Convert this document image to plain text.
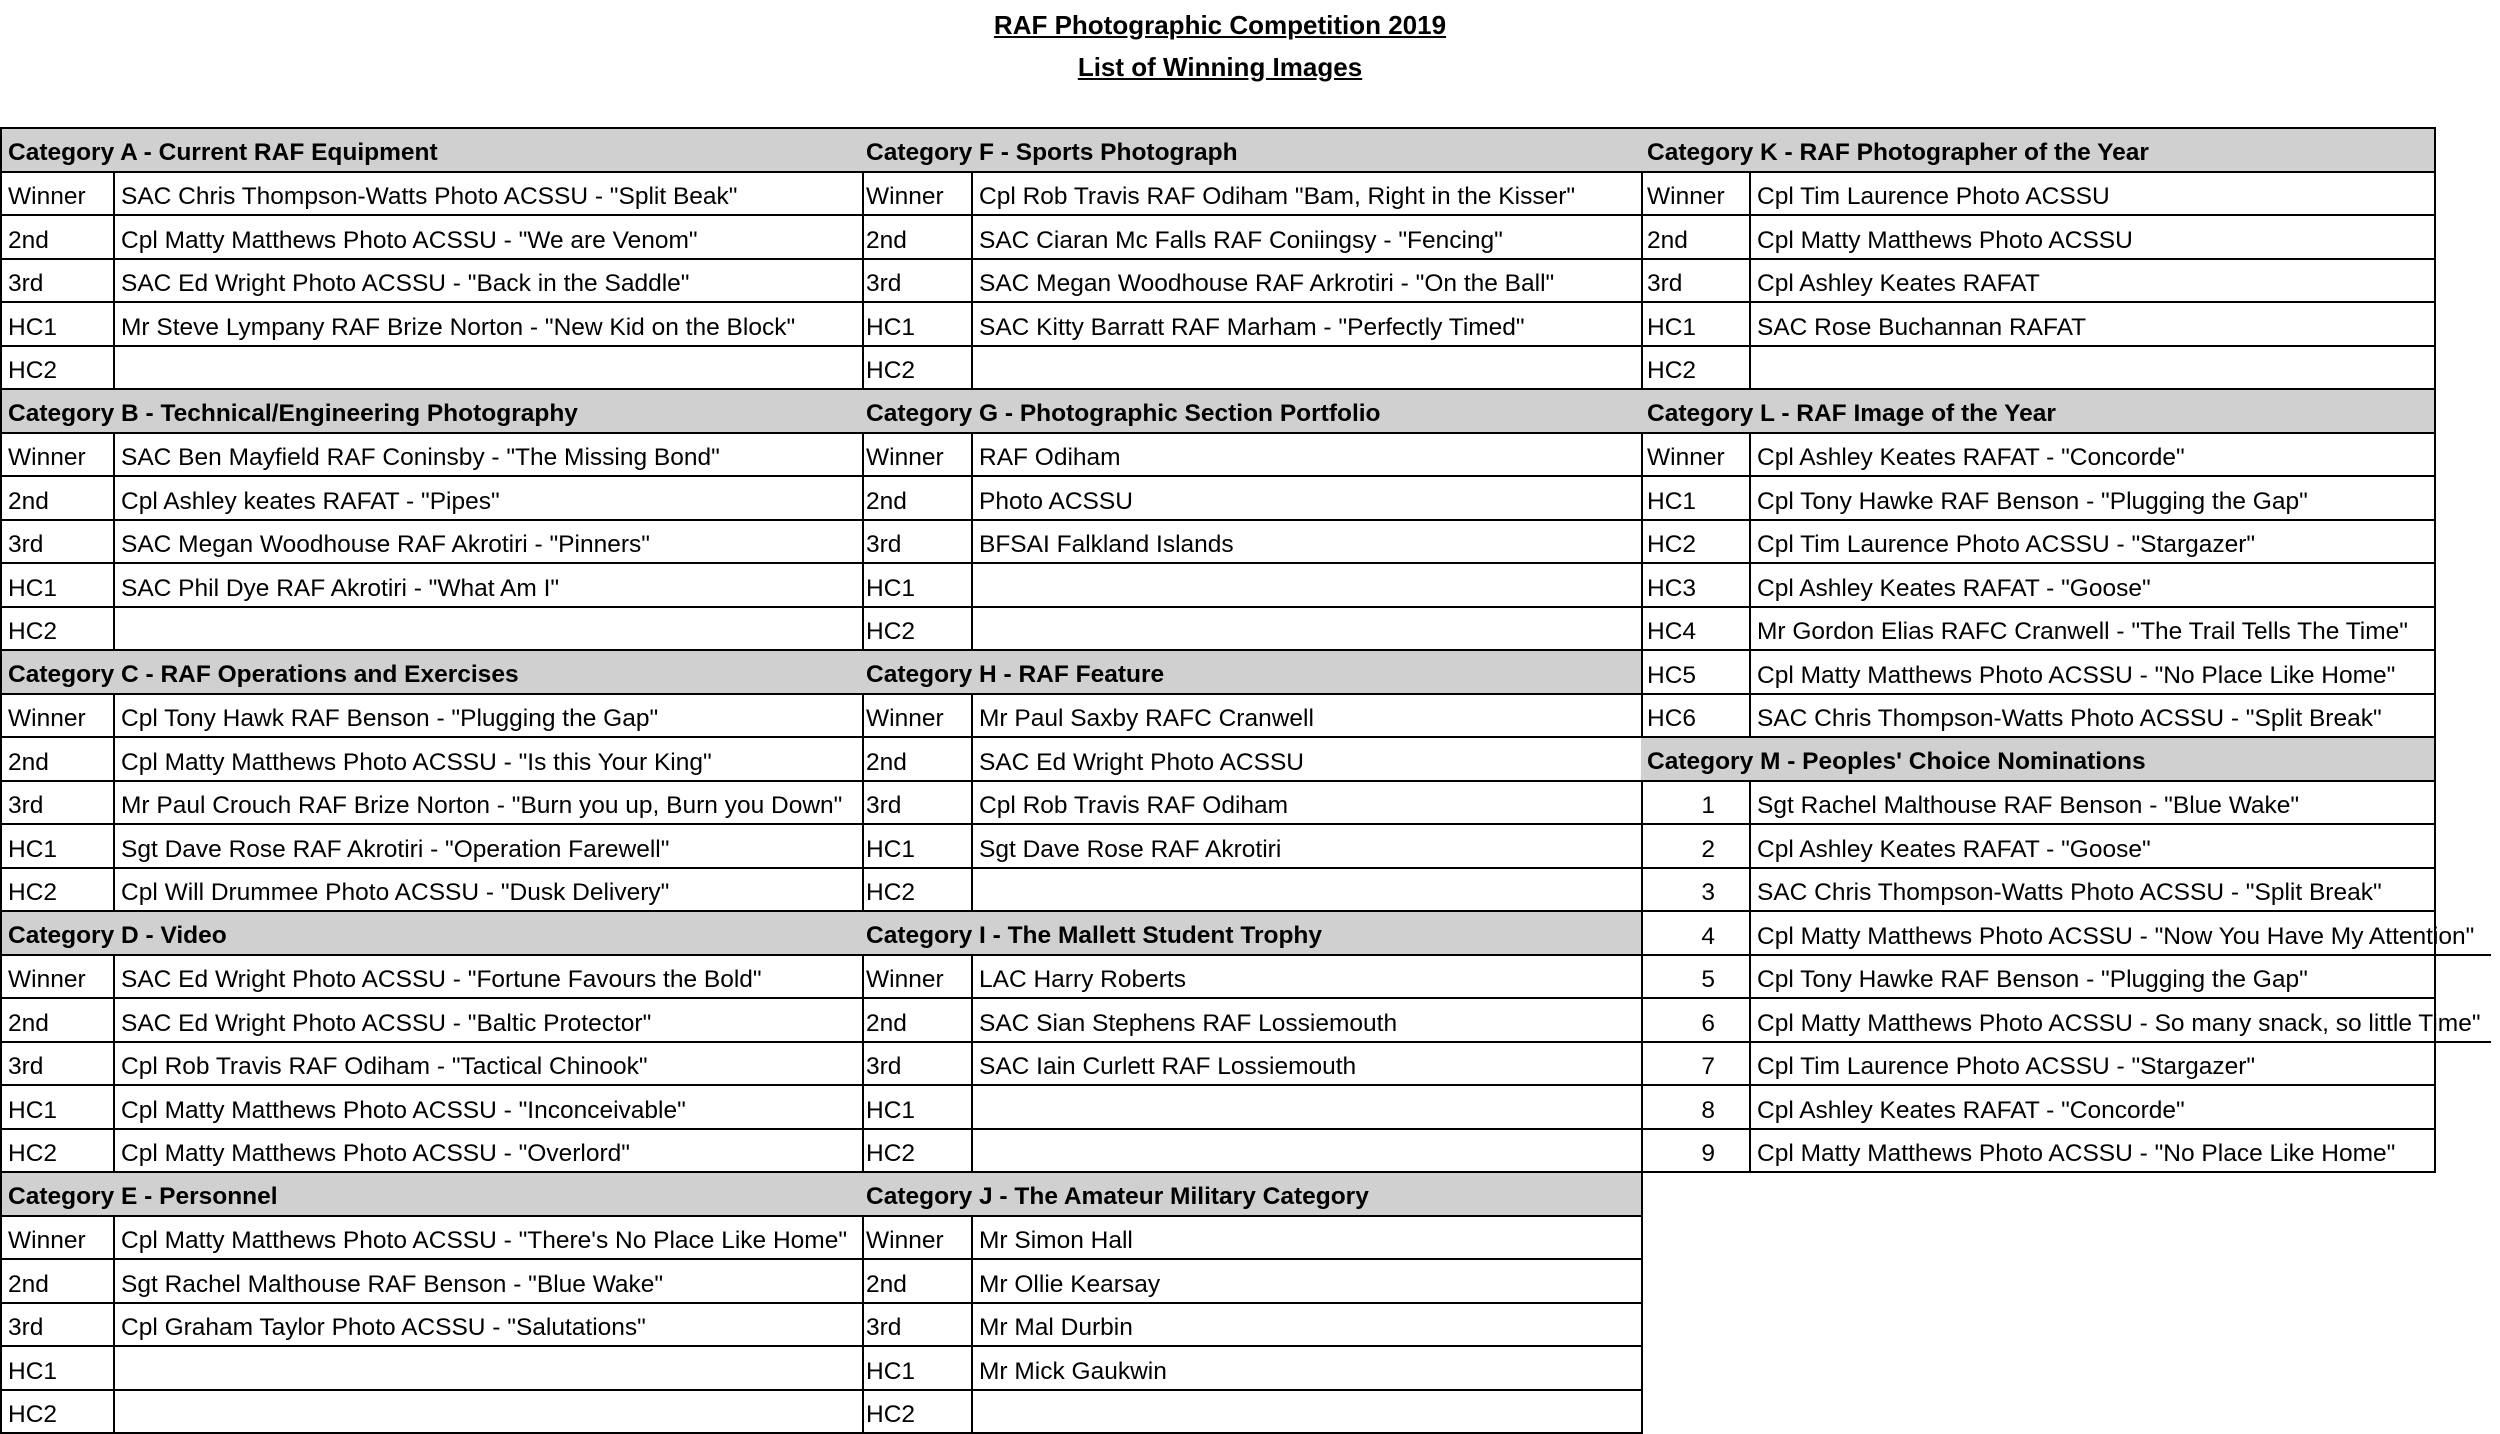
RAF Photographic Competition 2019
List of Winning Images
Category A - Current RAF Equipment
Winner	SAC Chris Thompson-Watts Photo ACSSU - "Split Beak"
2nd	Cpl Matty Matthews Photo ACSSU - "We are Venom"
3rd	SAC Ed Wright Photo ACSSU - "Back in the Saddle"
HC1	Mr Steve Lympany RAF Brize Norton - "New Kid on the Block"
HC2
Category B - Technical/Engineering Photography
Winner	SAC Ben Mayfield RAF Coninsby - "The Missing Bond"
2nd	Cpl Ashley keates RAFAT - "Pipes"
3rd	SAC Megan Woodhouse RAF Akrotiri - "Pinners"
HC1	SAC Phil Dye RAF Akrotiri - "What Am I"
HC2
Category C - RAF Operations and Exercises
Winner	Cpl Tony Hawk RAF Benson - "Plugging the Gap"
2nd	Cpl Matty Matthews Photo ACSSU - "Is this Your King"
3rd	Mr Paul Crouch RAF Brize Norton - "Burn you up, Burn you Down"
HC1	Sgt Dave Rose RAF Akrotiri - "Operation Farewell"
HC2	Cpl Will Drummee Photo ACSSU - "Dusk Delivery"
Category D - Video
Winner	SAC Ed Wright Photo ACSSU - "Fortune Favours the Bold"
2nd	SAC Ed Wright Photo ACSSU - "Baltic Protector"
3rd	Cpl Rob Travis RAF Odiham - "Tactical Chinook"
HC1	Cpl Matty Matthews Photo ACSSU - "Inconceivable"
HC2	Cpl Matty Matthews Photo ACSSU - "Overlord"
Category E - Personnel
Winner	Cpl Matty Matthews Photo ACSSU - "There's No Place Like Home"
2nd	Sgt Rachel Malthouse RAF Benson - "Blue Wake"
3rd	Cpl Graham Taylor Photo ACSSU - "Salutations"
HC1
HC2
Category F - Sports Photograph
Winner	Cpl Rob Travis RAF Odiham "Bam, Right in the Kisser"
2nd	SAC Ciaran Mc Falls RAF Coniingsy - "Fencing"
3rd	SAC Megan Woodhouse RAF Arkrotiri - "On the Ball"
HC1	SAC Kitty Barratt RAF Marham - "Perfectly Timed"
HC2
Category G - Photographic Section Portfolio
Winner	RAF Odiham
2nd	Photo ACSSU
3rd	BFSAI Falkland Islands
HC1
HC2
Category H - RAF Feature
Winner	Mr Paul Saxby RAFC Cranwell
2nd	SAC Ed Wright Photo ACSSU
3rd	Cpl Rob Travis RAF Odiham
HC1	Sgt Dave Rose RAF Akrotiri
HC2
Category I - The Mallett Student Trophy
Winner	LAC Harry Roberts
2nd	SAC Sian Stephens RAF Lossiemouth
3rd	SAC Iain Curlett RAF Lossiemouth
HC1
HC2
Category J - The Amateur Military Category
Winner	Mr Simon Hall
2nd	Mr Ollie Kearsay
3rd	Mr Mal Durbin
HC1	Mr Mick Gaukwin
HC2
Category K - RAF Photographer of the Year
Winner	Cpl Tim Laurence Photo ACSSU
2nd	Cpl Matty Matthews Photo ACSSU
3rd	Cpl Ashley Keates RAFAT
HC1	SAC Rose Buchannan RAFAT
HC2
Category L - RAF Image of the Year
Winner	Cpl Ashley Keates RAFAT - "Concorde"
HC1	Cpl Tony Hawke RAF Benson - "Plugging the Gap"
HC2	Cpl Tim Laurence Photo ACSSU - "Stargazer"
HC3	Cpl Ashley Keates RAFAT - "Goose"
HC4	Mr Gordon Elias RAFC Cranwell - "The Trail Tells The Time"
HC5	Cpl Matty Matthews Photo ACSSU - "No Place Like Home"
HC6	SAC Chris Thompson-Watts Photo ACSSU - "Split Break"
Category M - Peoples' Choice Nominations
1	Sgt Rachel Malthouse RAF Benson - "Blue Wake"
2	Cpl Ashley Keates RAFAT - "Goose"
3	SAC Chris Thompson-Watts Photo ACSSU - "Split Break"
4	Cpl Matty Matthews Photo ACSSU - "Now You Have My Attention"
5	Cpl Tony Hawke RAF Benson - "Plugging the Gap"
6	Cpl Matty Matthews Photo ACSSU - So many snack, so little Time"
7	Cpl Tim Laurence Photo ACSSU - "Stargazer"
8	Cpl Ashley Keates RAFAT - "Concorde"
9	Cpl Matty Matthews Photo ACSSU - "No Place Like Home"
